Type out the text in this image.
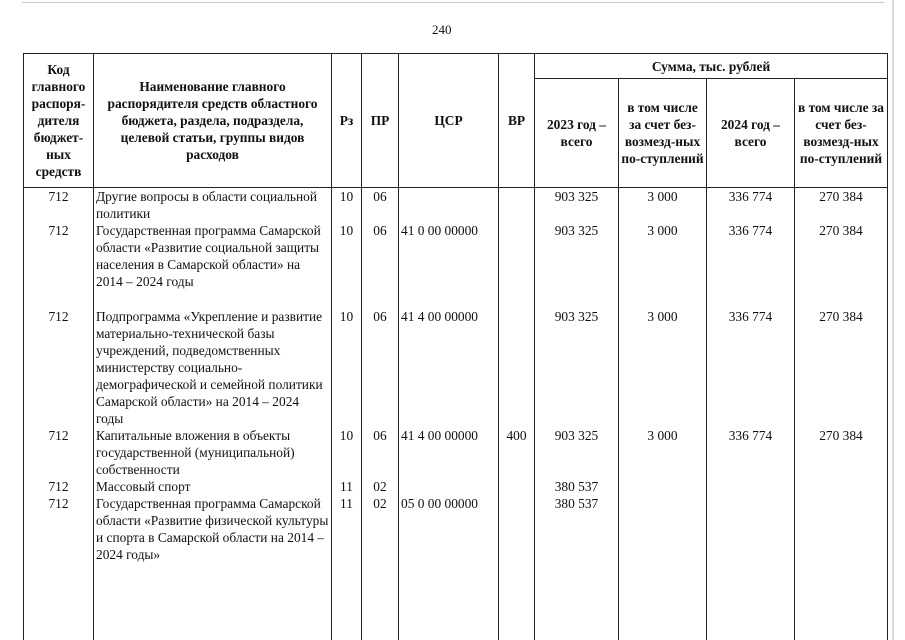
240
Код главного распоря-дителя бюджет-ных средств	Наименование главного распорядителя средств областного бюджета, раздела, подраздела, целевой статьи, группы видов расходов	Рз	ПР	ЦСР	ВР	Сумма, тыс. рублей			
						2023 год – всего	в том числе за счет без-возмезд-ных по-ступлений	2024 год – всего	в том числе за счет без-возмезд-ных по-ступлений
712	Другие вопросы в области социальной политики	10	06			903 325	3 000	336 774	270 384
712	Государственная программа Самарской области «Развитие социальной защиты населения в Самарской области» на 2014 – 2024 годы	10	06	41 0 00 00000		903 325	3 000	336 774	270 384
712	Подпрограмма «Укрепление и развитие материально-технической базы учреждений, подведомственных министерству социально-демографической и семейной политики Самарской области» на 2014 – 2024 годы	10	06	41 4 00 00000		903 325	3 000	336 774	270 384
712	Капитальные вложения в объекты государственной (муниципальной) собственности	10	06	41 4 00 00000	400	903 325	3 000	336 774	270 384
712	Массовый спорт	11	02			380 537			
712	Государственная программа Самарской области «Развитие физической культуры и спорта в Самарской области на 2014 – 2024 годы»	11	02	05 0 00 00000		380 537			
